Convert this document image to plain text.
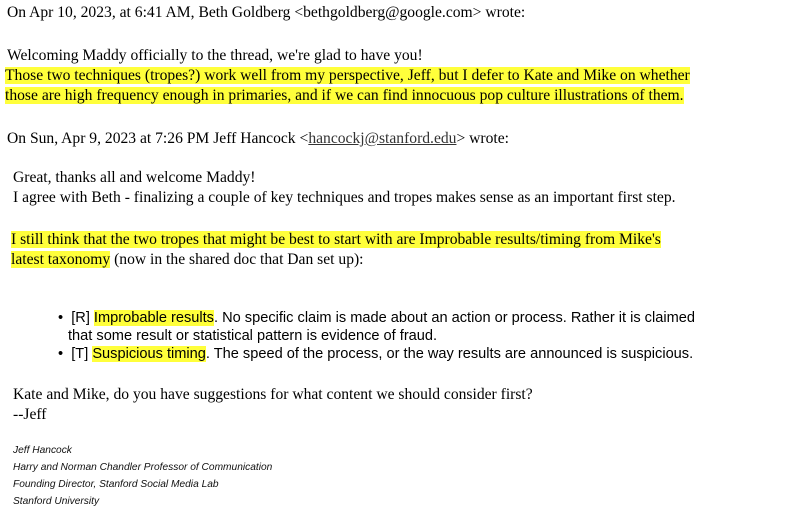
On Apr 10, 2023, at 6:41 AM, Beth Goldberg <bethgoldberg@google.com> wrote:
Welcoming Maddy officially to the thread, we're glad to have you!
Those two techniques (tropes?) work well from my perspective, Jeff, but I defer to Kate and Mike on whether
those are high frequency enough in primaries, and if we can find innocuous pop culture illustrations of them.
On Sun, Apr 9, 2023 at 7:26 PM Jeff Hancock <hancockj@stanford.edu> wrote:
Great, thanks all and welcome Maddy!
I agree with Beth - finalizing a couple of key techniques and tropes makes sense as an important first step.
I still think that the two tropes that might be best to start with are Improbable results/timing from Mike's
latest taxonomy (now in the shared doc that Dan set up):
• [R] Improbable results. No specific claim is made about an action or process. Rather it is claimed
that some result or statistical pattern is evidence of fraud.
• [T] Suspicious timing. The speed of the process, or the way results are announced is suspicious.
Kate and Mike, do you have suggestions for what content we should consider first?
--Jeff
Jeff Hancock
Harry and Norman Chandler Professor of Communication
Founding Director, Stanford Social Media Lab
Stanford University
